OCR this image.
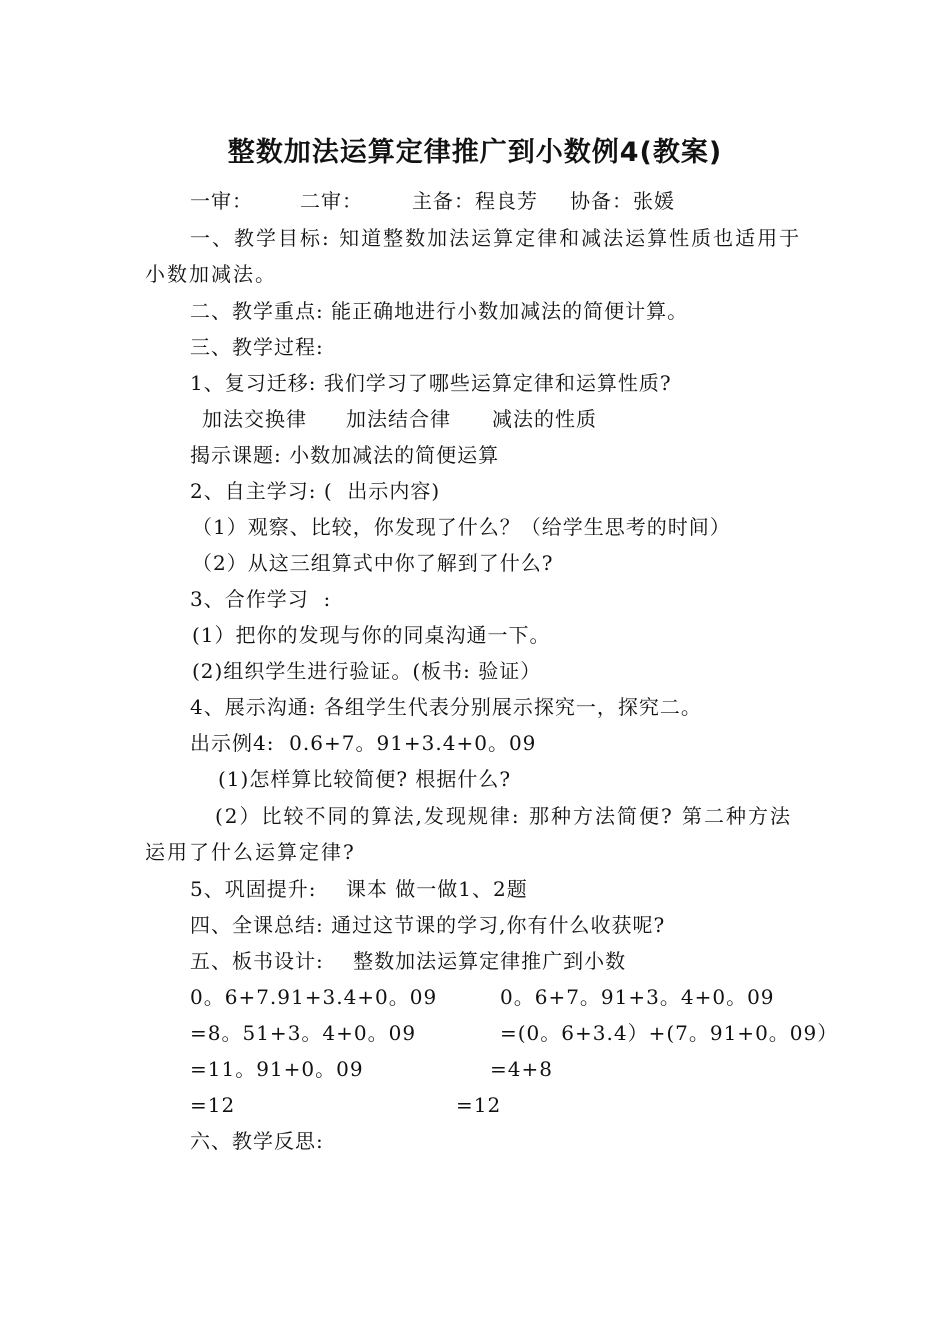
整数加法运算定律推广到小数例4(教案)
一审： 二审： 主备：程良芳 协备：张媛
一、教学目标: 知道整数加法运算定律和减法运算性质也适用于小数加减法。
二、教学重点: 能正确地进行小数加减法的简便计算。
三、教学过程:
1、复习迁移: 我们学习了哪些运算定律和运算性质?
加法交换律 加法结合律 减法的性质
揭示课题: 小数加减法的简便运算
2、自主学习: (  出示内容)
（1）观察、比较，你发现了什么？（给学生思考的时间）
（2）从这三组算式中你了解到了什么?
3、合作学习  :
(1）把你的发现与你的同桌沟通一下。
(2)组织学生进行验证。(板书: 验证）
4、展示沟通: 各组学生代表分别展示探究一，探究二。
出示例4:  0.6+7。91+3.4+0。09
(1)怎样算比较简便? 根据什么?
(2）比较不同的算法,发现规律: 那种方法简便? 第二种方法运用了什么运算定律?
5、巩固提升:    课本 做一做1、2题
四、全课总结: 通过这节课的学习,你有什么收获呢?
五、板书设计:    整数加法运算定律推广到小数
0。6+7.91+3.4+0。09
=8。51+3。4+0。09
=11。91+0。09
=12
0。6+7。91+3。4+0。09
=(0。6+3.4）+(7。91+0。09）
=4+8
=12
六、教学反思:
